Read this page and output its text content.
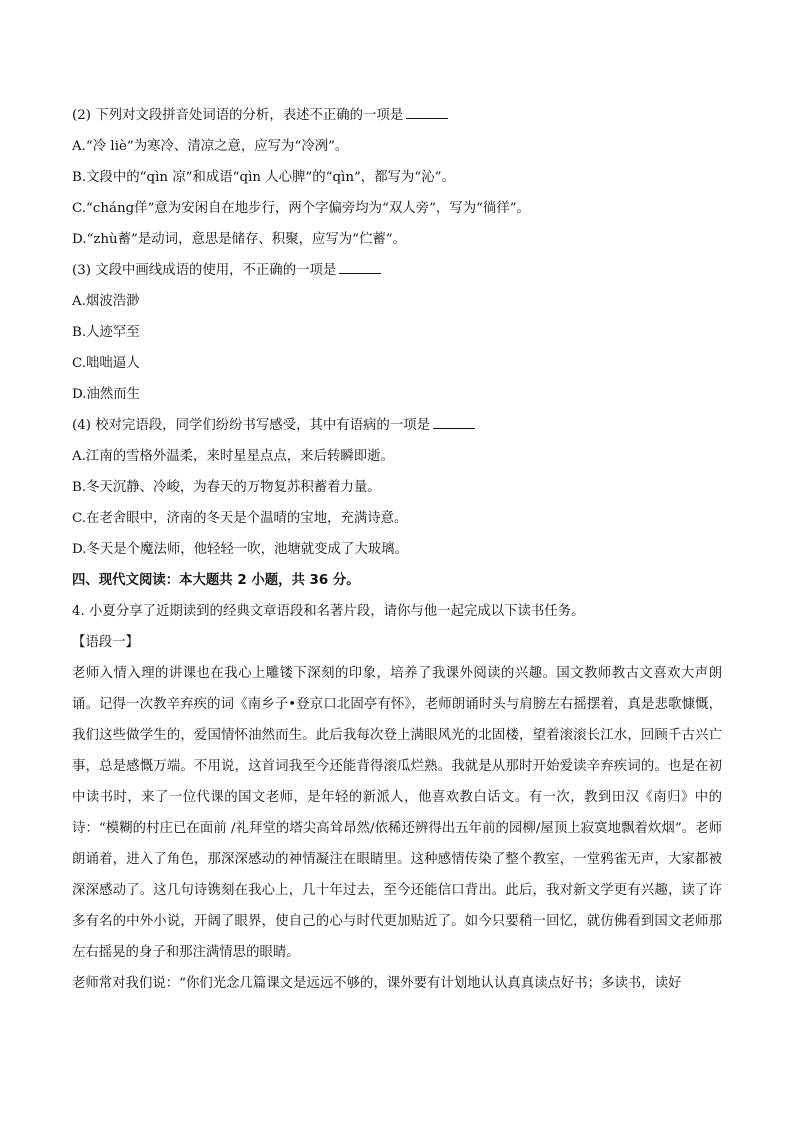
(2) 下列对文段拼音处词语的分析，表述不正确的一项是
A.“冷 liè”为寒冷、清凉之意，应写为“冷冽”。
B.文段中的“qìn 凉”和成语“qìn 人心脾”的“qìn”，都写为“沁”。
C.“cháng佯”意为安闲自在地步行，两个字偏旁均为“双人旁”，写为“徜徉”。
D.“zhù蓄”是动词，意思是储存、积聚，应写为“伫蓄”。
(3) 文段中画线成语的使用，不正确的一项是
A.烟波浩渺
B.人迹罕至
C.咄咄逼人
D.油然而生
(4) 校对完语段，同学们纷纷书写感受，其中有语病的一项是
A.江南的雪格外温柔，来时星星点点，来后转瞬即逝。
B.冬天沉静、冷峻，为春天的万物复苏积蓄着力量。
C.在老舍眼中，济南的冬天是个温晴的宝地，充满诗意。
D.冬天是个魔法师，他轻轻一吹，池塘就变成了大玻璃。
四、现代文阅读：本大题共 2 小题，共 36 分。
4. 小夏分享了近期读到的经典文章语段和名著片段，请你与他一起完成以下读书任务。
【语段一】

老师入情入理的讲课也在我心上雕镂下深刻的印象，培养了我课外阅读的兴趣。国文教师教古文喜欢大声朗诵。记得一次教辛弃疾的词《南乡子•登京口北固亭有怀》，老师朗诵时头与肩膀左右摇摆着，真是悲歌慷慨，我们这些做学生的，爱国情怀油然而生。此后我每次登上满眼风光的北固楼，望着滚滚长江水，回顾千古兴亡事，总是感慨万端。不用说，这首词我至今还能背得滚瓜烂熟。我就是从那时开始爱读辛弃疾词的。也是在初中读书时，来了一位代课的国文老师，是年轻的新派人，他喜欢教白话文。有一次，教到田汉《南归》中的诗：“模糊的村庄已在面前 /礼拜堂的塔尖高耸昂然/依稀还辨得出五年前的园柳/屋顶上寂寞地飘着炊烟”。老师朗诵着，进入了角色，那深深感动的神情凝注在眼睛里。这种感情传染了整个教室，一堂鸦雀无声，大家都被深深感动了。这几句诗镌刻在我心上，几十年过去，至今还能信口背出。此后，我对新文学更有兴趣，读了许多有名的中外小说，开阔了眼界，使自己的心与时代更加贴近了。如今只要稍一回忆，就仿佛看到国文老师那左右摇晃的身子和那注满情思的眼睛。

老师常对我们说：“你们光念几篇课文是远远不够的，课外要有计划地认认真真读点好书；多读书，读好
